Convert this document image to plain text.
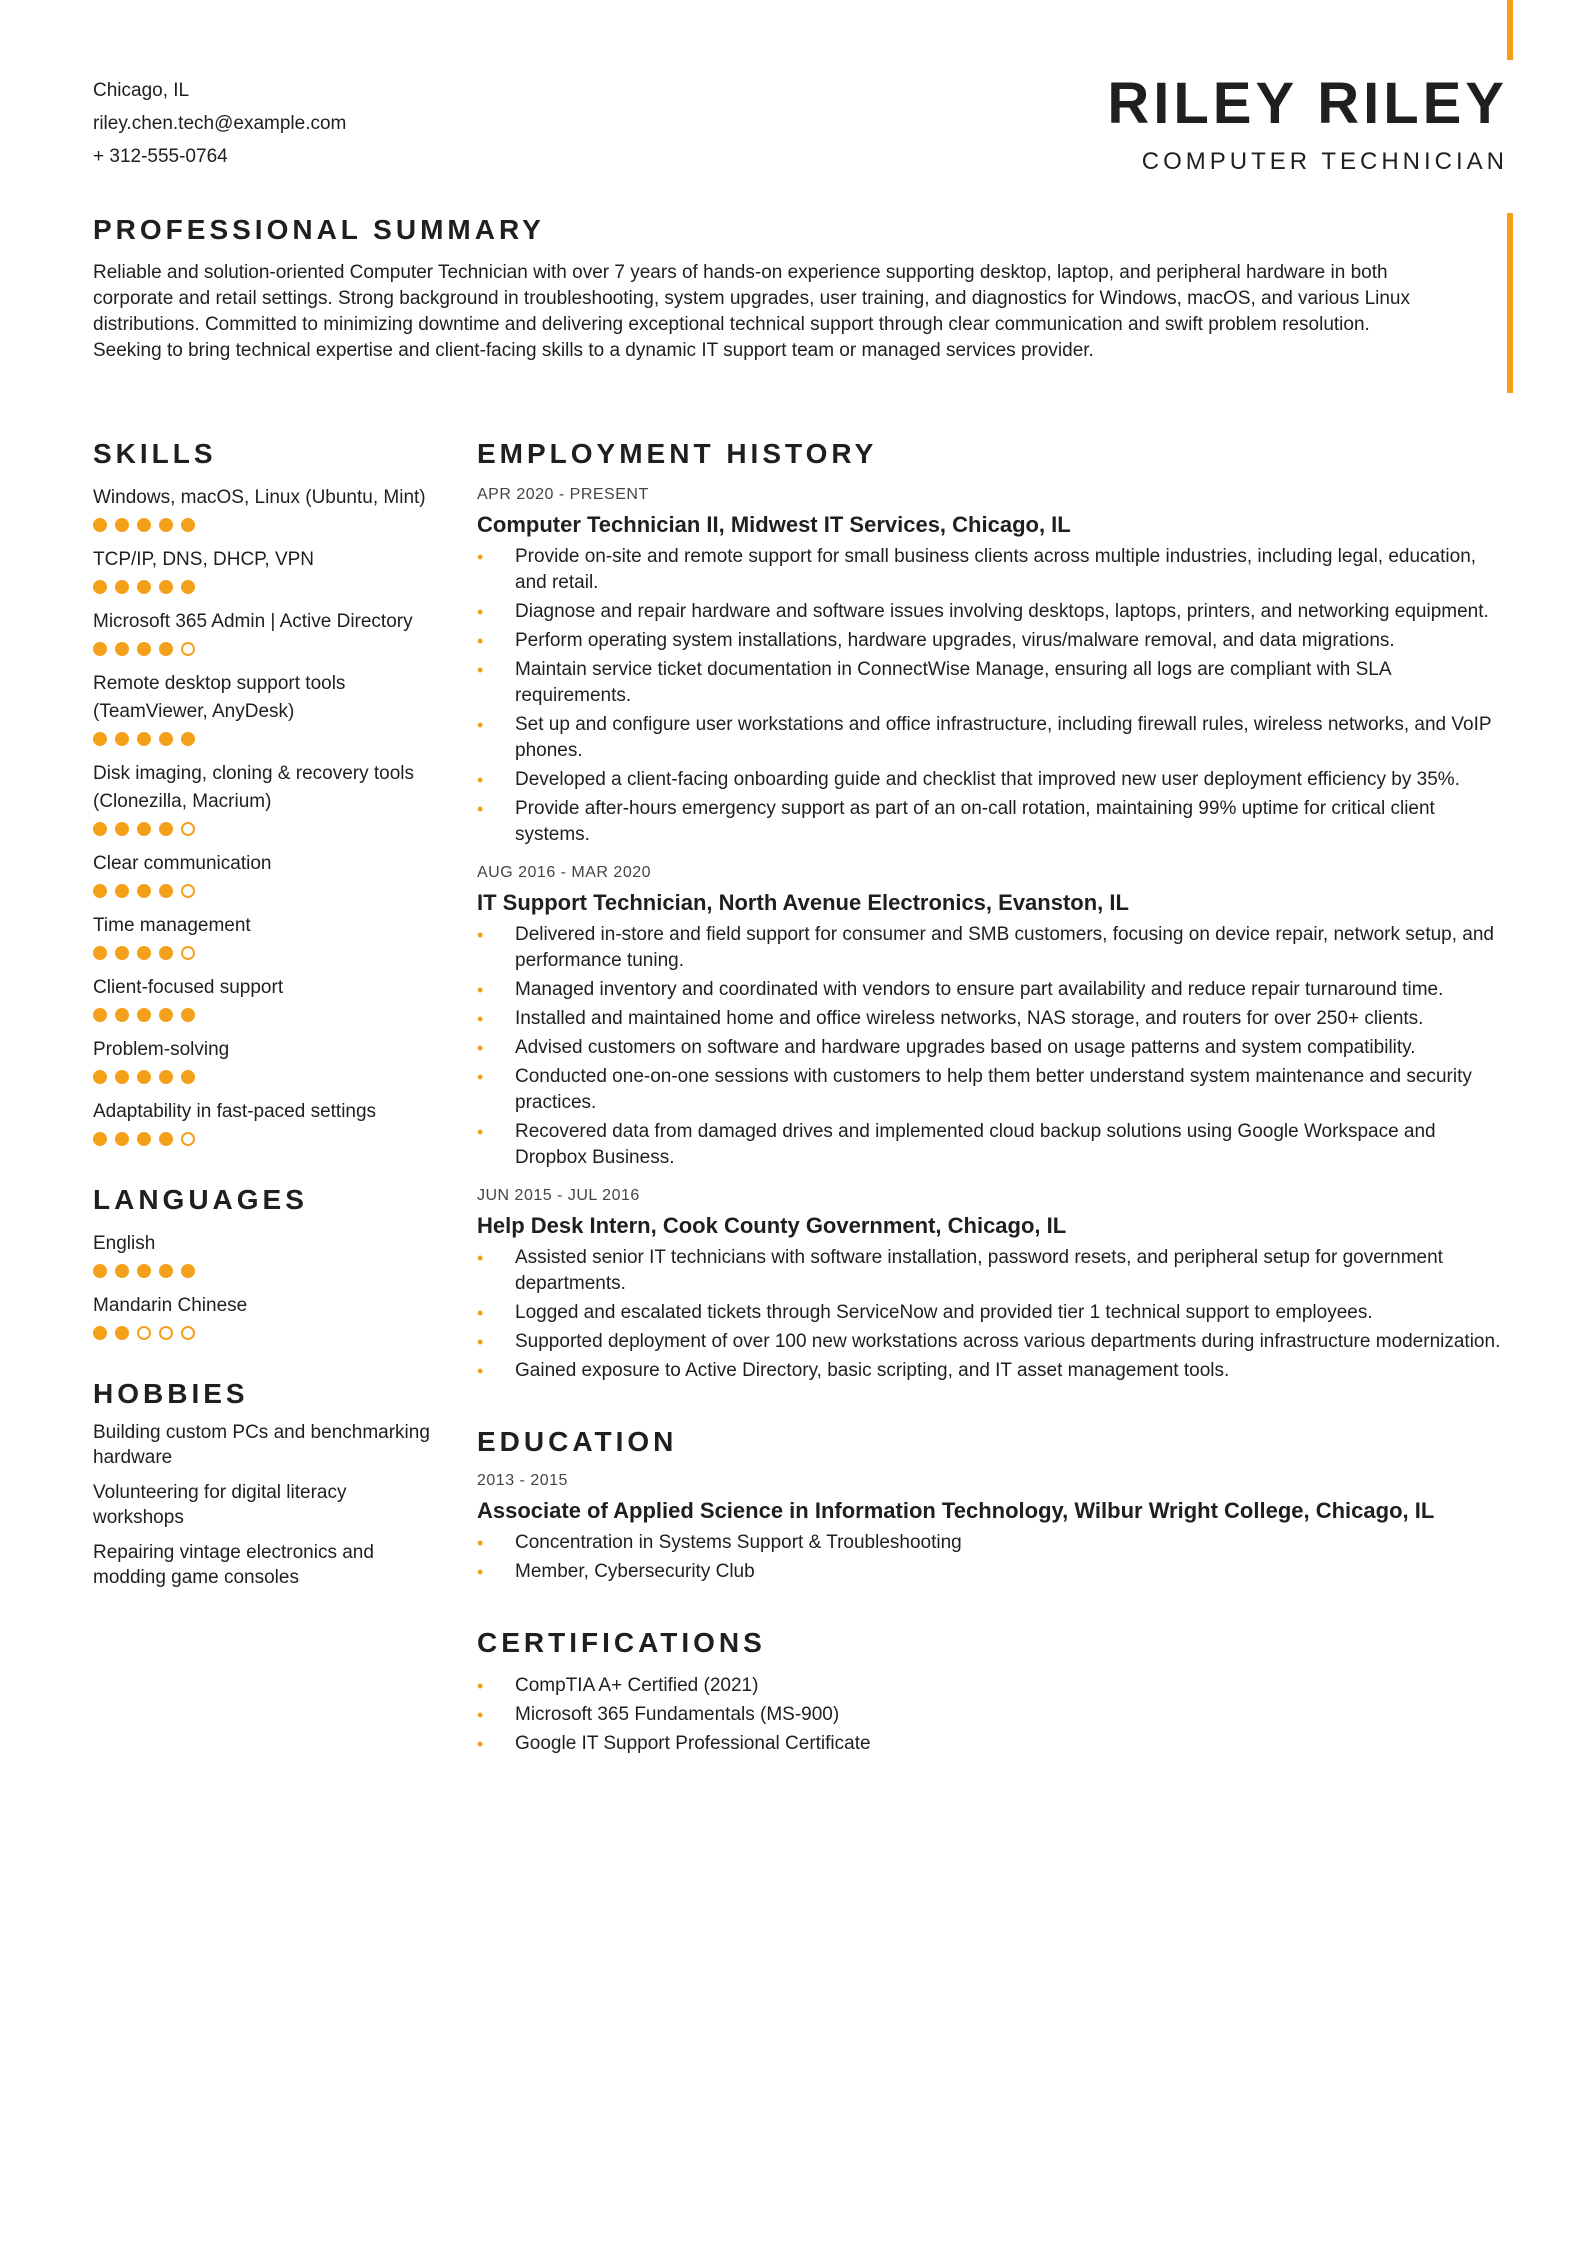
Chicago, IL
riley.chen.tech@example.com
+ 312-555-0764
RILEY RILEY
COMPUTER TECHNICIAN
PROFESSIONAL SUMMARY

Reliable and solution-oriented Computer Technician with over 7 years of hands-on experience supporting desktop, laptop, and peripheral hardware in both corporate and retail settings. Strong background in troubleshooting, system upgrades, user training, and diagnostics for Windows, macOS, and various Linux distributions. Committed to minimizing downtime and delivering exceptional technical support through clear communication and swift problem resolution. Seeking to bring technical expertise and client-facing skills to a dynamic IT support team or managed services provider.

SKILLS
Windows, macOS, Linux (Ubuntu, Mint)
TCP/IP, DNS, DHCP, VPN
Microsoft 365 Admin | Active Directory
Remote desktop support tools (TeamViewer, AnyDesk)
Disk imaging, cloning & recovery tools (Clonezilla, Macrium)
Clear communication
Time management
Client-focused support
Problem-solving
Adaptability in fast-paced settings
LANGUAGES
English
Mandarin Chinese
HOBBIES
Building custom PCs and benchmarking hardware
Volunteering for digital literacy workshops
Repairing vintage electronics and modding game consoles
EMPLOYMENT HISTORY
APR 2020 - PRESENT
Computer Technician II, Midwest IT Services, Chicago, IL
• Provide on-site and remote support for small business clients across multiple industries, including legal, education, and retail.
• Diagnose and repair hardware and software issues involving desktops, laptops, printers, and networking equipment.
• Perform operating system installations, hardware upgrades, virus/malware removal, and data migrations.
• Maintain service ticket documentation in ConnectWise Manage, ensuring all logs are compliant with SLA requirements.
• Set up and configure user workstations and office infrastructure, including firewall rules, wireless networks, and VoIP phones.
• Developed a client-facing onboarding guide and checklist that improved new user deployment efficiency by 35%.
• Provide after-hours emergency support as part of an on-call rotation, maintaining 99% uptime for critical client systems.
AUG 2016 - MAR 2020
IT Support Technician, North Avenue Electronics, Evanston, IL
• Delivered in-store and field support for consumer and SMB customers, focusing on device repair, network setup, and performance tuning.
• Managed inventory and coordinated with vendors to ensure part availability and reduce repair turnaround time.
• Installed and maintained home and office wireless networks, NAS storage, and routers for over 250+ clients.
• Advised customers on software and hardware upgrades based on usage patterns and system compatibility.
• Conducted one-on-one sessions with customers to help them better understand system maintenance and security practices.
• Recovered data from damaged drives and implemented cloud backup solutions using Google Workspace and Dropbox Business.
JUN 2015 - JUL 2016
Help Desk Intern, Cook County Government, Chicago, IL
• Assisted senior IT technicians with software installation, password resets, and peripheral setup for government departments.
• Logged and escalated tickets through ServiceNow and provided tier 1 technical support to employees.
• Supported deployment of over 100 new workstations across various departments during infrastructure modernization.
• Gained exposure to Active Directory, basic scripting, and IT asset management tools.
EDUCATION
2013 - 2015
Associate of Applied Science in Information Technology, Wilbur Wright College, Chicago, IL
• Concentration in Systems Support & Troubleshooting
• Member, Cybersecurity Club
CERTIFICATIONS
• CompTIA A+ Certified (2021)
• Microsoft 365 Fundamentals (MS-900)
• Google IT Support Professional Certificate
